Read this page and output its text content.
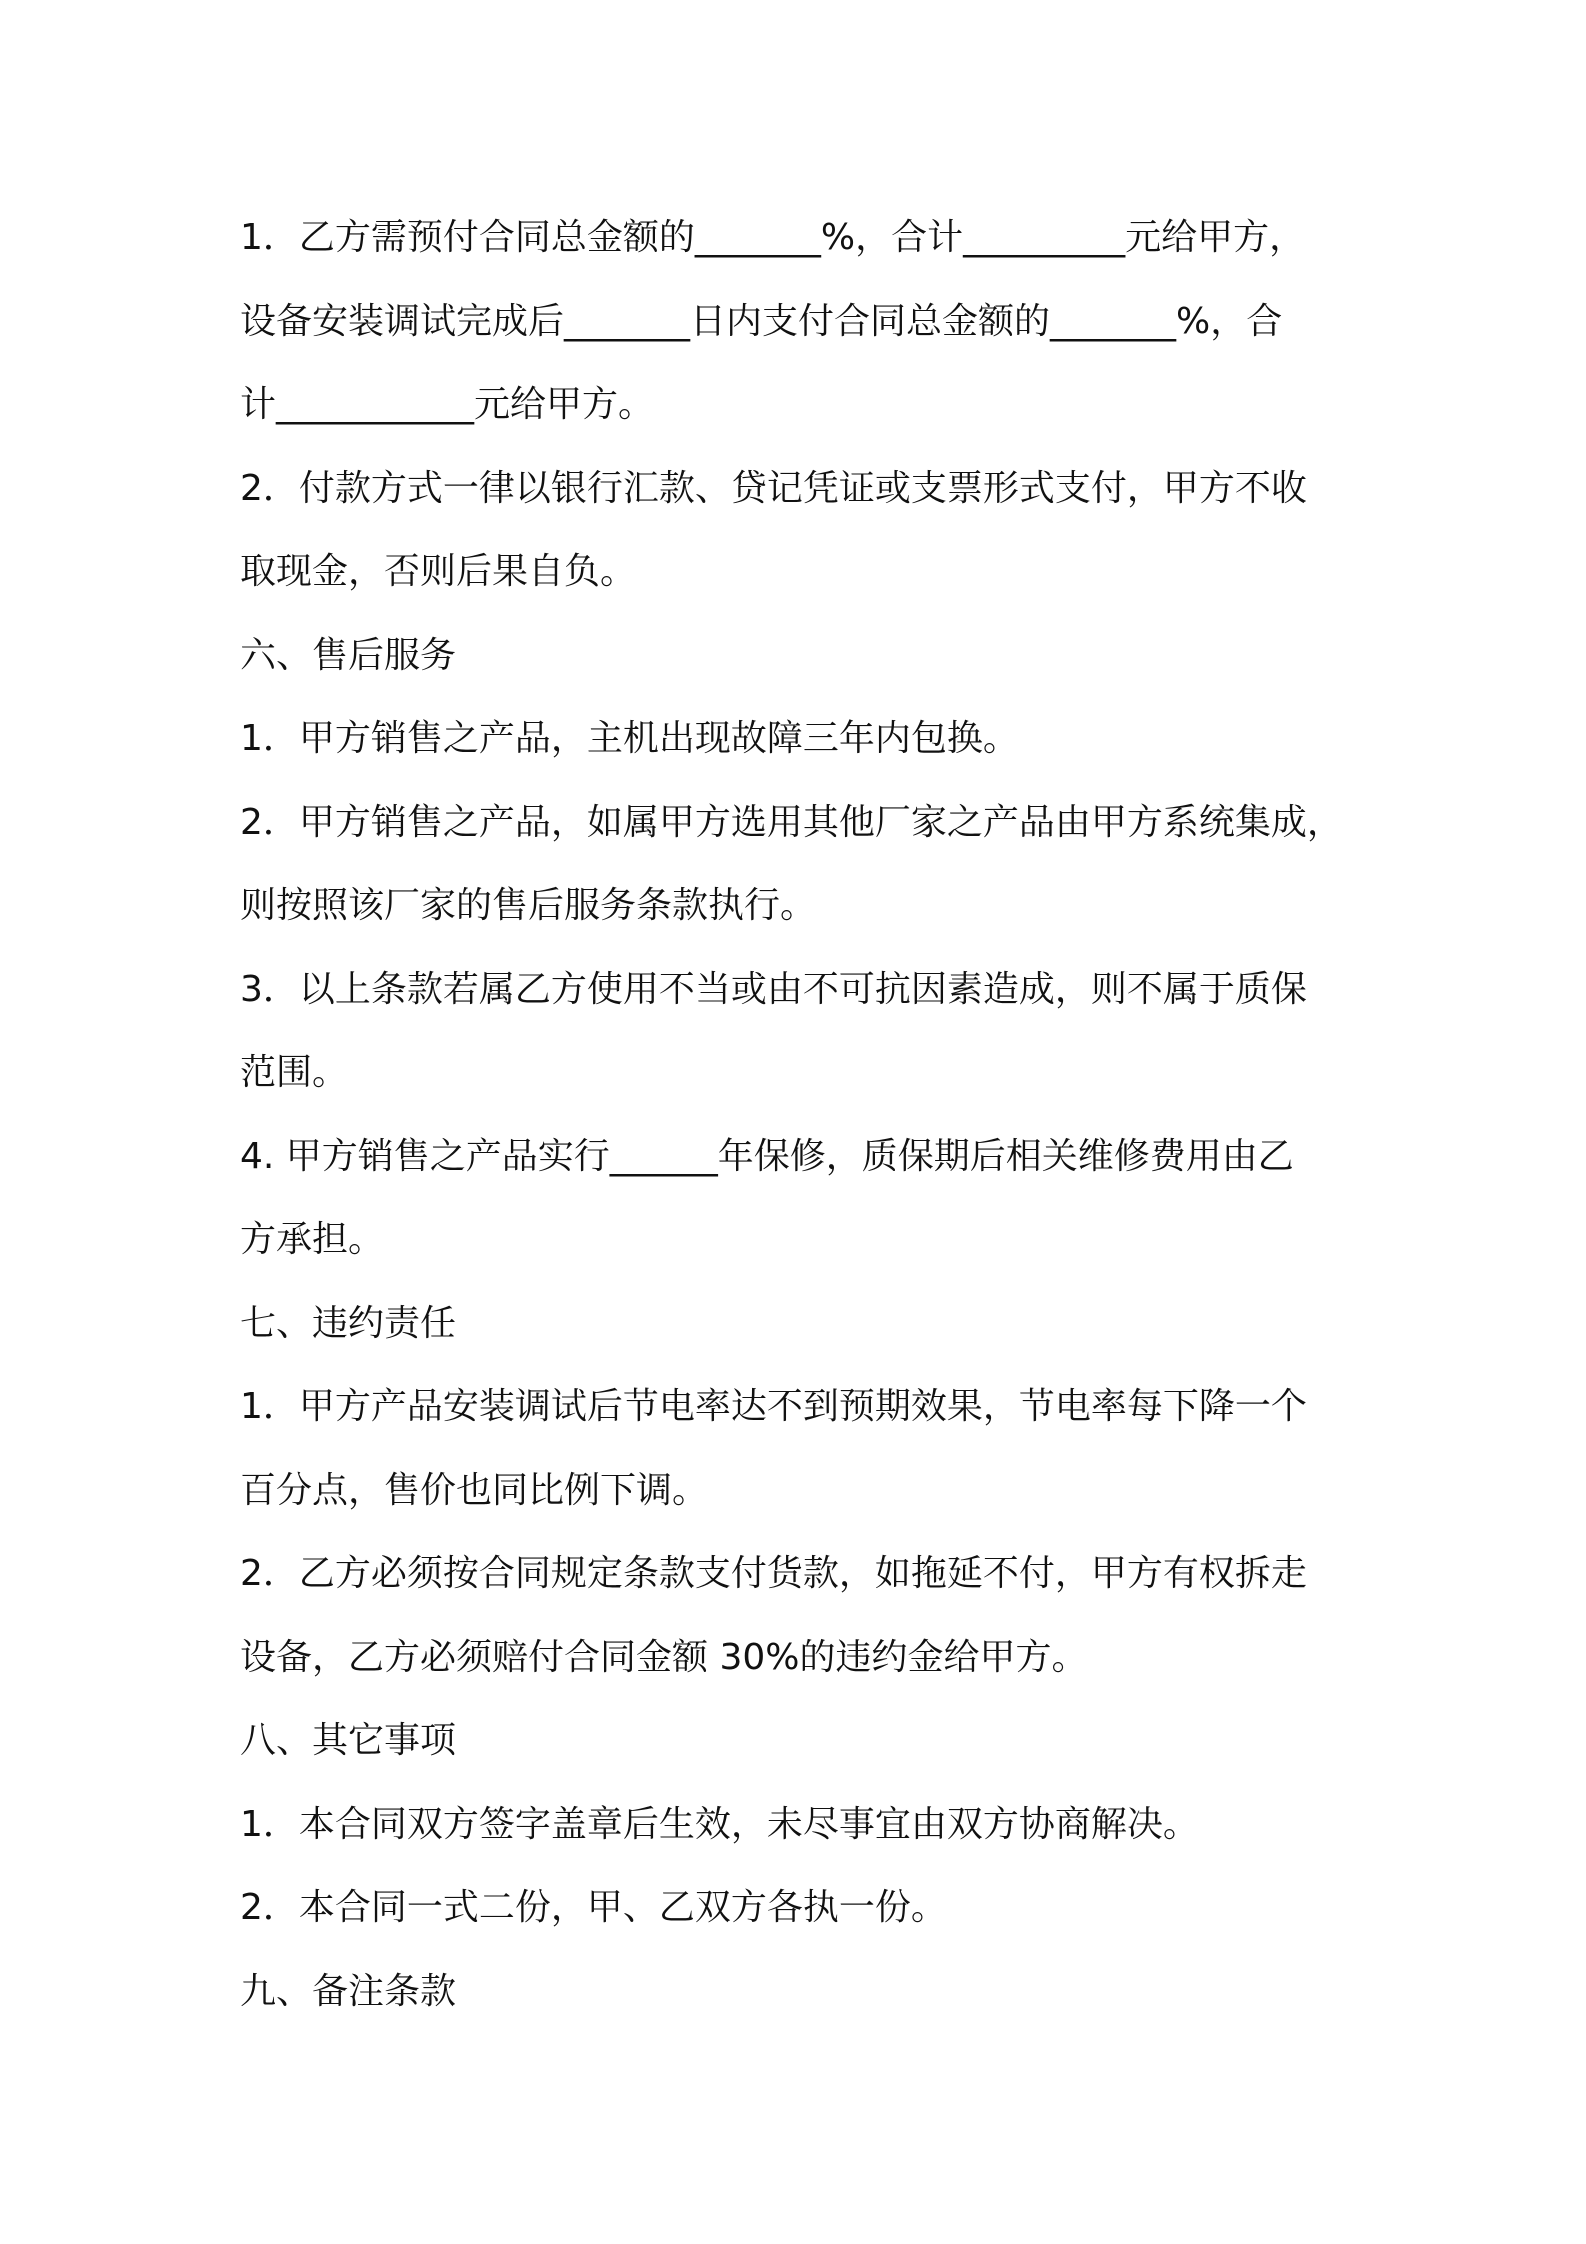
1．乙方需预付合同总金额的_______%，合计_________元给甲方，
设备安装调试完成后_______日内支付合同总金额的_______%，合
计___________元给甲方。
2．付款方式一律以银行汇款、贷记凭证或支票形式支付，甲方不收
取现金，否则后果自负。
六、售后服务
1．甲方销售之产品，主机出现故障三年内包换。
2．甲方销售之产品，如属甲方选用其他厂家之产品由甲方系统集成，
则按照该厂家的售后服务条款执行。
3．以上条款若属乙方使用不当或由不可抗因素造成，则不属于质保
范围。
4. 甲方销售之产品实行______年保修，质保期后相关维修费用由乙
方承担。
七、违约责任
1．甲方产品安装调试后节电率达不到预期效果，节电率每下降一个
百分点，售价也同比例下调。
2．乙方必须按合同规定条款支付货款，如拖延不付，甲方有权拆走
设备，乙方必须赔付合同金额 30%的违约金给甲方。
八、其它事项
1．本合同双方签字盖章后生效，未尽事宜由双方协商解决。
2．本合同一式二份，甲、乙双方各执一份。
九、备注条款
